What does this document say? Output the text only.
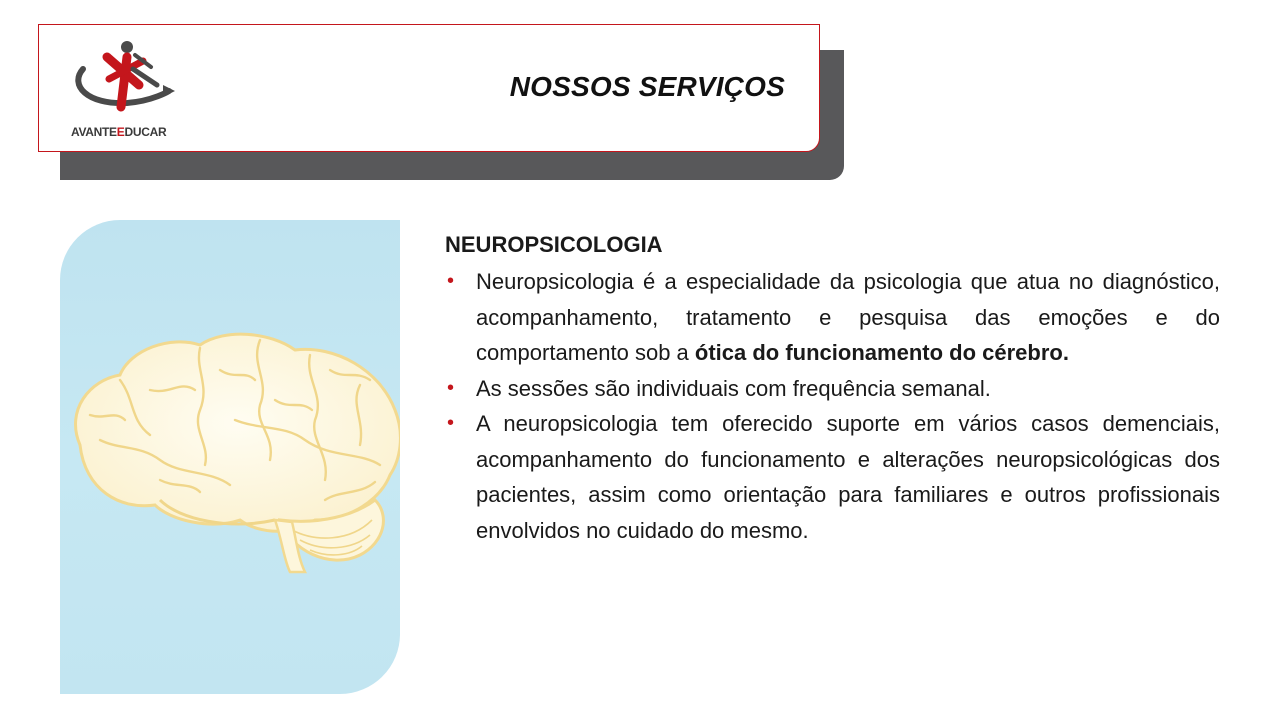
AVANTEEDUCAR
NOSSOS SERVIÇOS
NEUROPSICOLOGIA
• Neuropsicologia é a especialidade da psicologia que atua no diagnóstico, acompanhamento, tratamento e pesquisa das emoções e do comportamento sob a ótica do funcionamento do cérebro.
• As sessões são individuais com frequência semanal.
• A neuropsicologia tem oferecido suporte em vários casos demenciais, acompanhamento do funcionamento e alterações neuropsicológicas dos pacientes, assim como orientação para familiares e outros profissionais envolvidos no cuidado do mesmo.
